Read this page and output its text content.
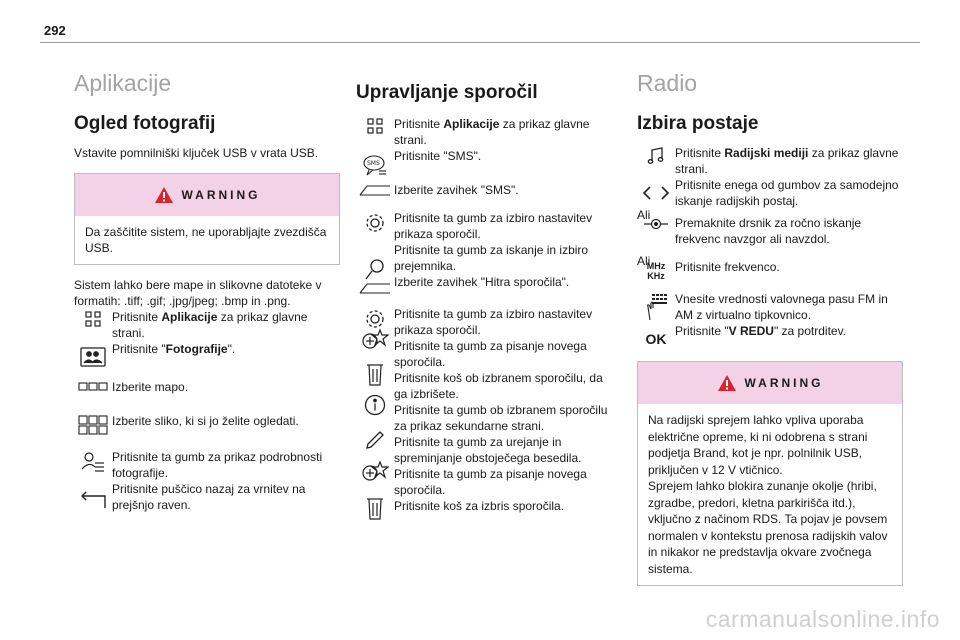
292
Aplikacije
Ogled fotografij

Vstavite pomnilniški ključek USB v vrata USB.

WARNING
Da zaščitite sistem, ne uporabljajte zvezdišča USB.

Sistem lahko bere mape in slikovne datoteke v formatih: .tiff; .gif; .jpg/jpeg; .bmp in .png.

Pritisnite Aplikacije za prikaz glavne strani.
Pritisnite "Fotografije".
Izberite mapo.
Izberite sliko, ki si jo želite ogledati.
Pritisnite ta gumb za prikaz podrobnosti fotografije.
Pritisnite puščico nazaj za vrnitev na prejšnjo raven.
Upravljanje sporočil
Pritisnite Aplikacije za prikaz glavne strani.
Pritisnite "SMS".
SMS
Izberite zavihek "SMS".
Pritisnite ta gumb za izbiro nastavitev prikaza sporočil.
Pritisnite ta gumb za iskanje in izbiro prejemnika.
Izberite zavihek "Hitra sporočila".
Pritisnite ta gumb za izbiro nastavitev prikaza sporočil.
Pritisnite ta gumb za pisanje novega sporočila.
Pritisnite koš ob izbranem sporočilu, da ga izbrišete.
Pritisnite ta gumb ob izbranem sporočilu za prikaz sekundarne strani.
Pritisnite ta gumb za urejanje in spreminjanje obstoječega besedila.
Pritisnite ta gumb za pisanje novega sporočila.
Pritisnite koš za izbris sporočila.
Radio
Izbira postaje
Pritisnite Radijski mediji za prikaz glavne strani.
Pritisnite enega od gumbov za samodejno iskanje radijskih postaj.
Ali
Premaknite drsnik za ročno iskanje frekvenc navzgor ali navzdol.
Ali
MHz
KHz
Pritisnite frekvenco.
Vnesite vrednosti valovnega pasu FM in AM z virtualno tipkovnico.
Pritisnite "V REDU" za potrditev.
OK
WARNING
Na radijski sprejem lahko vpliva uporaba električne opreme, ki ni odobrena s strani podjetja Brand, kot je npr. polnilnik USB, priključen v 12 V vtičnico.
Sprejem lahko blokira zunanje okolje (hribi, zgradbe, predori, kletna parkirišča itd.), vključno z načinom RDS. Ta pojav je povsem normalen v kontekstu prenosa radijskih valov in nikakor ne predstavlja okvare zvočnega sistema.
carmanualsonline.info
